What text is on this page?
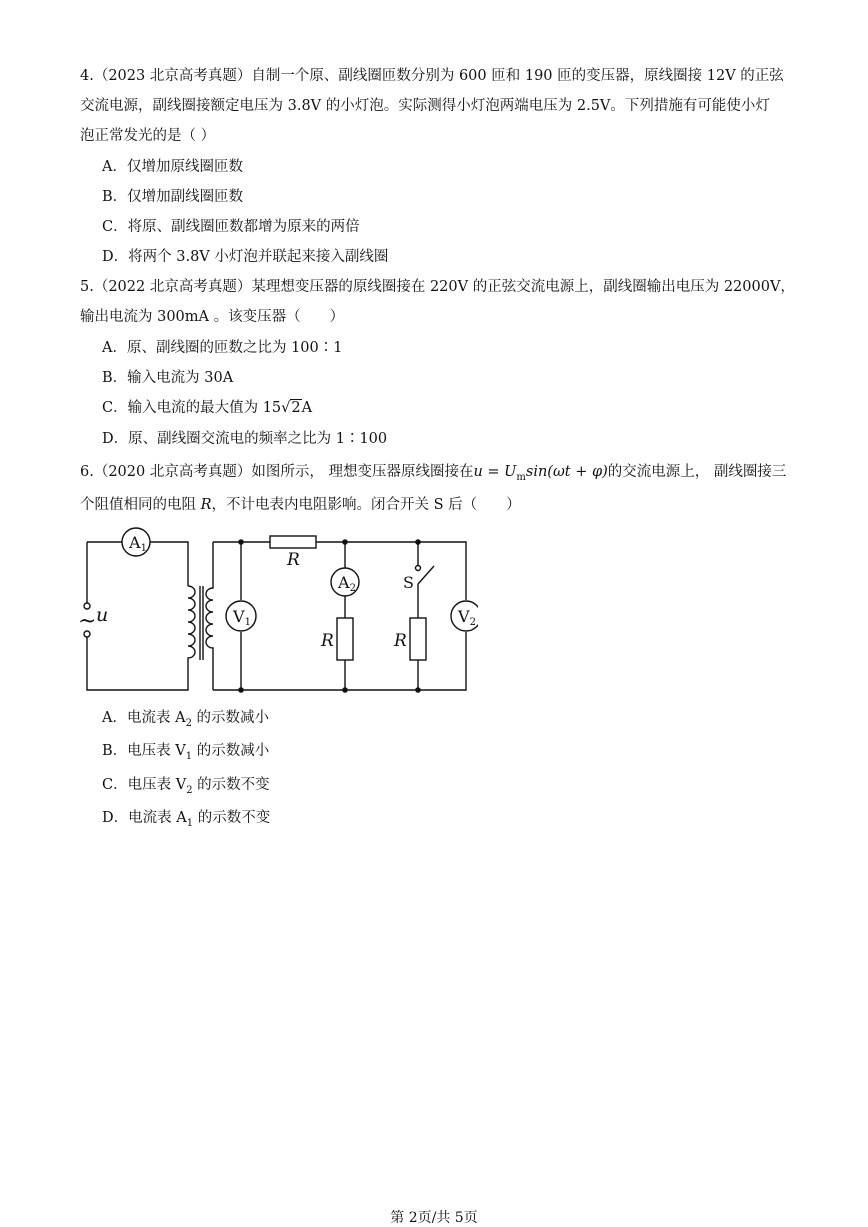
4.（2023 北京高考真题）自制一个原、副线圈匝数分别为 600 匝和 190 匝的变压器，原线圈接 12V 的正弦
交流电源，副线圈接额定电压为 3.8V 的小灯泡。实际测得小灯泡两端电压为 2.5V。下列措施有可能使小灯
泡正常发光的是（ ）
A．仅增加原线圈匝数
B．仅增加副线圈匝数
C．将原、副线圈匝数都增为原来的两倍
D．将两个 3.8V 小灯泡并联起来接入副线圈
5.（2022 北京高考真题）某理想变压器的原线圈接在 220V 的正弦交流电源上，副线圈输出电压为 22000V，
输出电流为 300mA 。该变压器（　　）
A．原、副线圈的匝数之比为 100∶1
B．输入电流为 30A
C．输入电流的最大值为 15√2A
D．原、副线圈交流电的频率之比为 1∶100
6.（2020 北京高考真题）如图所示， 理想变压器原线圈接在$u = U_m\sin(\omega t + \varphi)$的交流电源上， 副线圈接三
个阻值相同的电阻 R，不计电表内电阻影响。闭合开关 S 后（　　）
A1
V1
A2
V2
~ u
R
R	R
S
A．电流表 $A_2$ 的示数减小
B．电压表 $V_1$ 的示数减小
C．电压表 $V_2$ 的示数不变
D．电流表 $A_1$ 的示数不变
第 2页/共 5页
